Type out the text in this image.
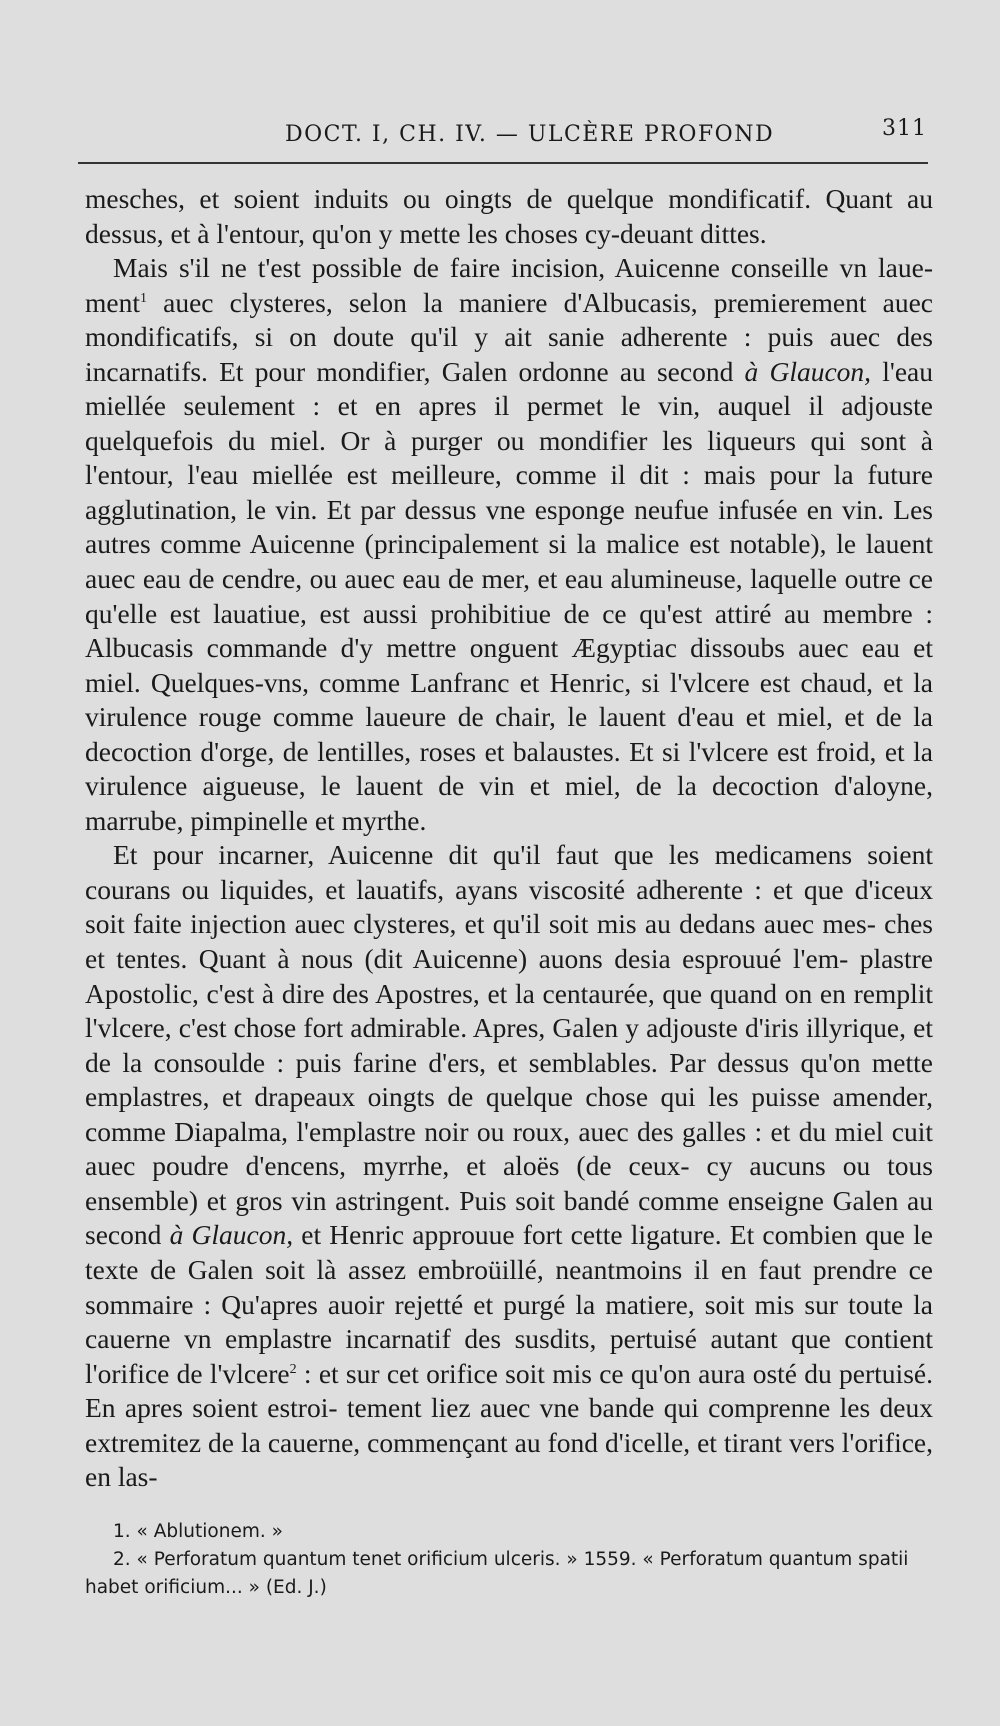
DOCT. I, CH. IV. — ULCÈRE PROFOND	311

mesches, et soient induits ou oingts de quelque mondificatif. Quant au dessus, et à l'entour, qu'on y mette les choses cy-deuant dittes.

Mais s'il ne t'est possible de faire incision, Auicenne conseille vn laue- ment$^1$ auec clysteres, selon la maniere d'Albucasis, premierement auec mondificatifs, si on doute qu'il y ait sanie adherente : puis auec des incarnatifs. Et pour mondifier, Galen ordonne au second à Glaucon, l'eau miellée seulement : et en apres il permet le vin, auquel il adjouste quelquefois du miel. Or à purger ou mondifier les liqueurs qui sont à l'entour, l'eau miellée est meilleure, comme il dit : mais pour la future agglutination, le vin. Et par dessus vne esponge neufue infusée en vin. Les autres comme Auicenne (principalement si la malice est notable), le lauent auec eau de cendre, ou auec eau de mer, et eau alumineuse, laquelle outre ce qu'elle est lauatiue, est aussi prohibitiue de ce qu'est attiré au membre : Albucasis commande d'y mettre onguent Ægyptiac dissoubs auec eau et miel. Quelques-vns, comme Lanfranc et Henric, si l'vlcere est chaud, et la virulence rouge comme laueure de chair, le lauent d'eau et miel, et de la decoction d'orge, de lentilles, roses et balaustes. Et si l'vlcere est froid, et la virulence aigueuse, le lauent de vin et miel, de la decoction d'aloyne, marrube, pimpinelle et myrthe.

Et pour incarner, Auicenne dit qu'il faut que les medicamens soient courans ou liquides, et lauatifs, ayans viscosité adherente : et que d'iceux soit faite injection auec clysteres, et qu'il soit mis au dedans auec mes- ches et tentes. Quant à nous (dit Auicenne) auons desia esprouué l'em- plastre Apostolic, c'est à dire des Apostres, et la centaurée, que quand on en remplit l'vlcere, c'est chose fort admirable. Apres, Galen y adjouste d'iris illyrique, et de la consoulde : puis farine d'ers, et semblables. Par dessus qu'on mette emplastres, et drapeaux oingts de quelque chose qui les puisse amender, comme Diapalma, l'emplastre noir ou roux, auec des galles : et du miel cuit auec poudre d'encens, myrrhe, et aloës (de ceux- cy aucuns ou tous ensemble) et gros vin astringent. Puis soit bandé comme enseigne Galen au second à Glaucon, et Henric approuue fort cette ligature. Et combien que le texte de Galen soit là assez embroüillé, neantmoins il en faut prendre ce sommaire : Qu'apres auoir rejetté et purgé la matiere, soit mis sur toute la cauerne vn emplastre incarnatif des susdits, pertuisé autant que contient l'orifice de l'vlcere$^2$ : et sur cet orifice soit mis ce qu'on aura osté du pertuisé. En apres soient estroi- tement liez auec vne bande qui comprenne les deux extremitez de la cauerne, commençant au fond d'icelle, et tirant vers l'orifice, en las-

1. « Ablutionem. »

2. « Perforatum quantum tenet orificium ulceris. » 1559. « Perforatum quantum spatii habet orificium... » (Ed. J.)
